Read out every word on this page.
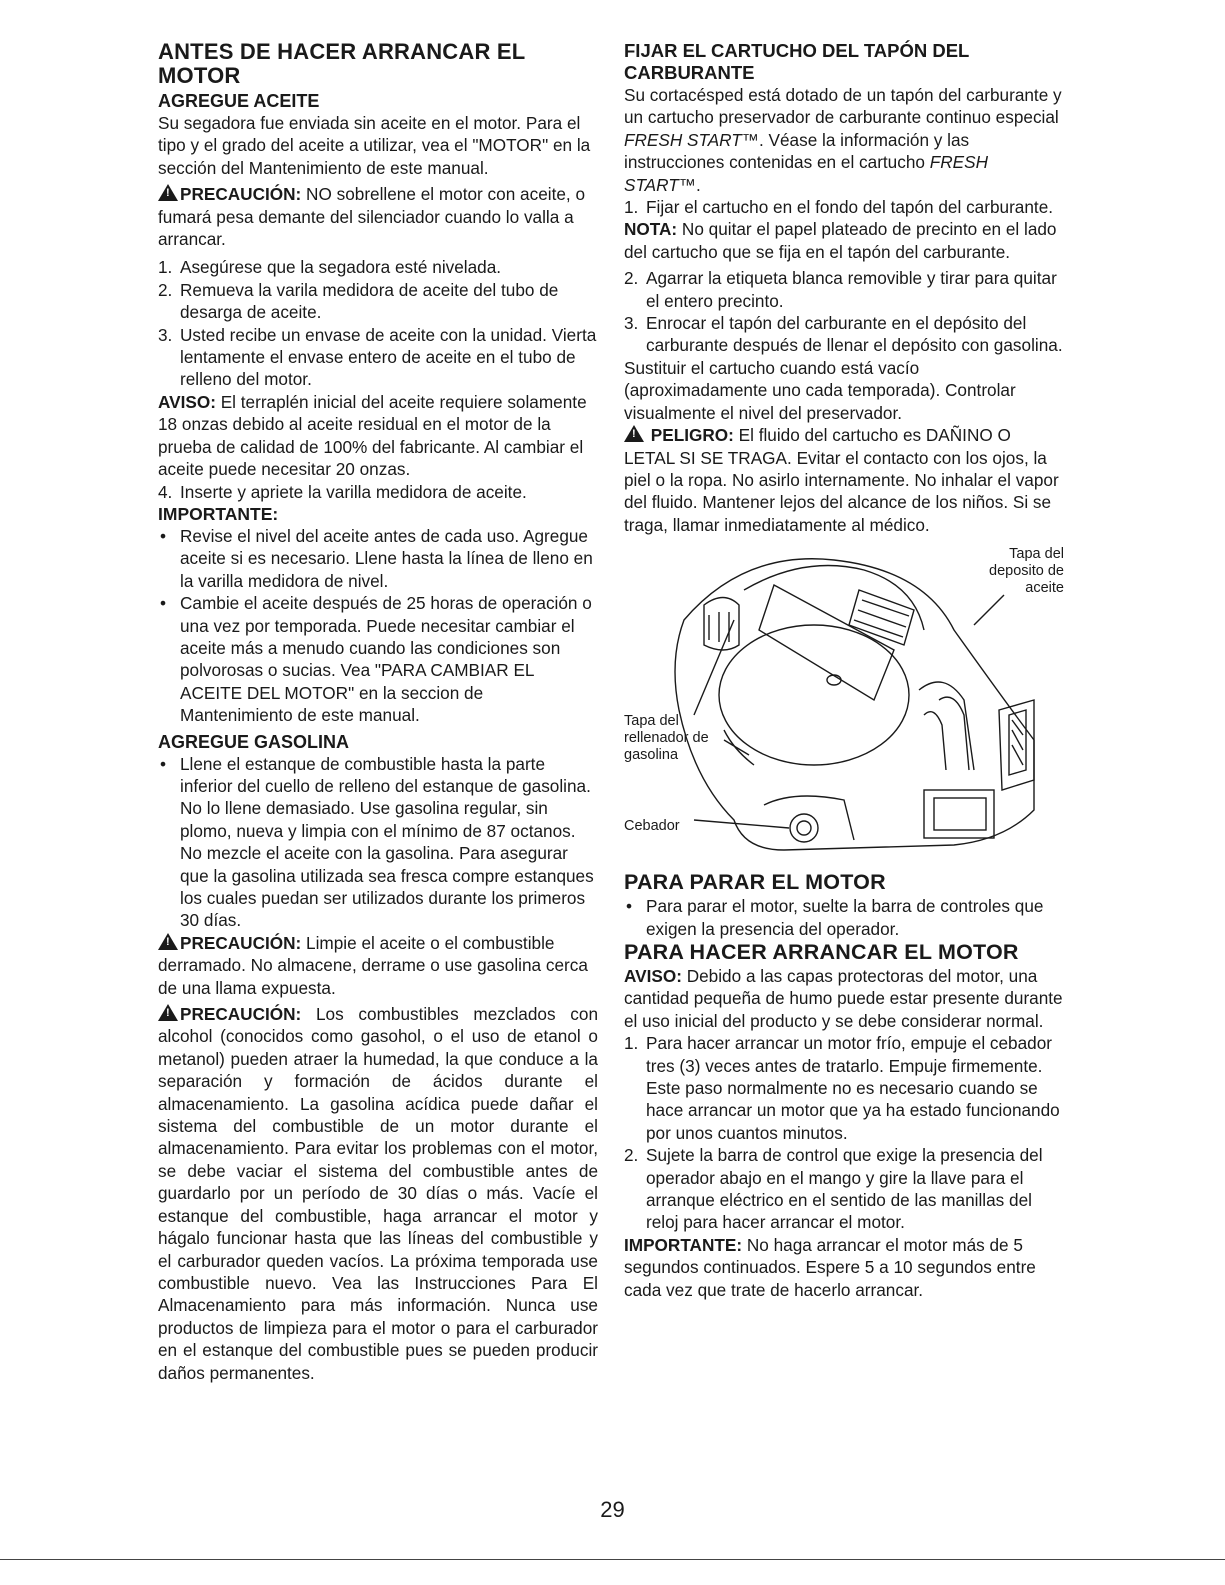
ANTES DE HACER ARRANCAR EL MOTOR
AGREGUE ACEITE

Su segadora fue enviada sin aceite en el motor. Para el tipo y el grado del aceite a utilizar, vea el "MOTOR" en la sección del Mantenimiento de este manual.

!PRECAUCIÓN: NO sobrellene el motor con aceite, o fumará pesa demante del silenciador cuando lo valla a arrancar.

1. Asegúrese que la segadora esté nivelada.
2. Remueva la varila medidora de aceite del tubo de desarga de aceite.
3. Usted recibe un envase de aceite con la unidad. Vierta lentamente el envase entero de aceite en el tubo de relleno del motor.

AVISO: El terraplén inicial del aceite requiere solamente 18 onzas debido al aceite residual en el motor de la prueba de calidad de 100% del fabricante. Al cambiar el aceite puede necesitar 20 onzas.

4. Inserte y apriete la varilla medidora de aceite.
IMPORTANTE:
• Revise el nivel del aceite antes de cada uso. Agregue aceite si es necesario. Llene hasta la línea de lleno en la varilla medidora de nivel.
• Cambie el aceite después de 25 horas de operación o una vez por temporada. Puede necesitar cambiar el aceite más a menudo cuando las condiciones son polvorosas o sucias. Vea "PARA CAMBIAR EL ACEITE DEL MOTOR" en la seccion de Mantenimiento de este manual.
AGREGUE GASOLINA
• Llene el estanque de combustible hasta la parte inferior del cuello de relleno del estanque de gasolina. No lo llene demasiado. Use gasolina regular, sin plomo, nueva y limpia con el mínimo de 87 octanos. No mezcle el aceite con la gasolina. Para asegurar que la gasolina utilizada sea fresca compre estanques los cuales puedan ser utilizados durante los primeros 30 días.

!PRECAUCIÓN: Limpie el aceite o el combustible derramado. No almacene, derrame o use gasolina cerca de una llama expuesta.

!PRECAUCIÓN: Los combustibles mezclados con alcohol (conocidos como gasohol, o el uso de etanol o metanol) pueden atraer la humedad, la que conduce a la separación y formación de ácidos durante el almacenamiento. La gasolina acídica puede dañar el sistema del combustible de un motor durante el almacenamiento. Para evitar los problemas con el motor, se debe vaciar el sistema del combustible antes de guardarlo por un período de 30 días o más. Vacíe el estanque del combustible, haga arrancar el motor y hágalo funcionar hasta que las líneas del combustible y el carburador queden vacíos. La próxima temporada use combustible nuevo. Vea las Instrucciones Para El Almacenamiento para más información. Nunca use productos de limpieza para el motor o para el carburador en el estanque del combustible pues se pueden producir daños permanentes.

FIJAR EL CARTUCHO DEL TAPÓN DEL CARBURANTE

Su cortacésped está dotado de un tapón del carburante y un cartucho preservador de carburante continuo especial FRESH START™. Véase la información y las instrucciones contenidas en el cartucho FRESH START™.

1. Fijar el cartucho en el fondo del tapón del carburante.

NOTA: No quitar el papel plateado de precinto en el lado del cartucho que se fija en el tapón del carburante.

2. Agarrar la etiqueta blanca removible y tirar para quitar el entero precinto.
3. Enrocar el tapón del carburante en el depósito del carburante después de llenar el depósito con gasolina.

Sustituir el cartucho cuando está vacío (aproximadamente uno cada temporada). Controlar visualmente el nivel del preservador.

! PELIGRO: El fluido del cartucho es DAÑINO O LETAL SI SE TRAGA. Evitar el contacto con los ojos, la piel o la ropa. No asirlo internamente. No inhalar el vapor del fluido. Mantener lejos del alcance de los niños. Si se traga, llamar inmediatamente al médico.

Tapa del deposito de aceite
Tapa del rellenador de gasolina
Cebador
PARA PARAR EL MOTOR
• Para parar el motor, suelte la barra de controles que exigen la presencia del operador.
PARA HACER ARRANCAR EL MOTOR

AVISO: Debido a las capas protectoras del motor, una cantidad pequeña de humo puede estar presente durante el uso inicial del producto y se debe considerar normal.

1. Para hacer arrancar un motor frío, empuje el cebador tres (3) veces antes de tratarlo. Empuje firmemente. Este paso normalmente no es necesario cuando se hace arrancar un motor que ya ha estado funcionando por unos cuantos minutos.
2. Sujete la barra de control que exige la presencia del operador abajo en el mango y gire la llave para el arranque eléctrico en el sentido de las manillas del reloj para hacer arrancar el motor.

IMPORTANTE: No haga arrancar el motor más de 5 segundos continuados. Espere 5 a 10 segundos entre cada vez que trate de hacerlo arrancar.

29
